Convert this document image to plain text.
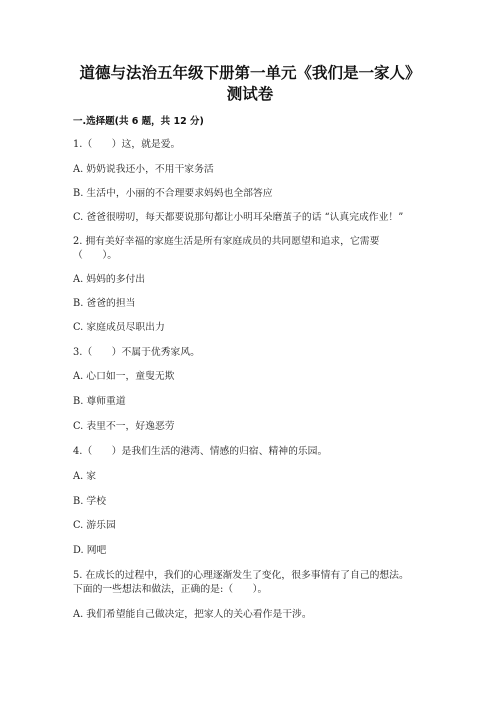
道德与法治五年级下册第一单元《我们是一家人》
测试卷
一.选择题(共 6 题，共 12 分)
1.（　　）这，就是爱。
A. 奶奶说我还小，不用干家务活
B. 生活中，小丽的不合理要求妈妈也全部答应
C. 爸爸很唠叨，每天都要说那句都让小明耳朵磨茧子的话 “认真完成作业！”
2. 拥有美好幸福的家庭生活是所有家庭成员的共同愿望和追求，它需要
（　　）。
A. 妈妈的多付出
B. 爸爸的担当
C. 家庭成员尽职出力
3.（　　）不属于优秀家风。
A. 心口如一，童叟无欺
B. 尊师重道
C. 表里不一，好逸恶劳
4.（　　）是我们生活的港湾、情感的归宿、精神的乐园。
A. 家
B. 学校
C. 游乐园
D. 网吧
5. 在成长的过程中，我们的心理逐渐发生了变化，很多事情有了自己的想法。
下面的一些想法和做法，正确的是:（　　）。
A. 我们希望能自己做决定，把家人的关心看作是干涉。
